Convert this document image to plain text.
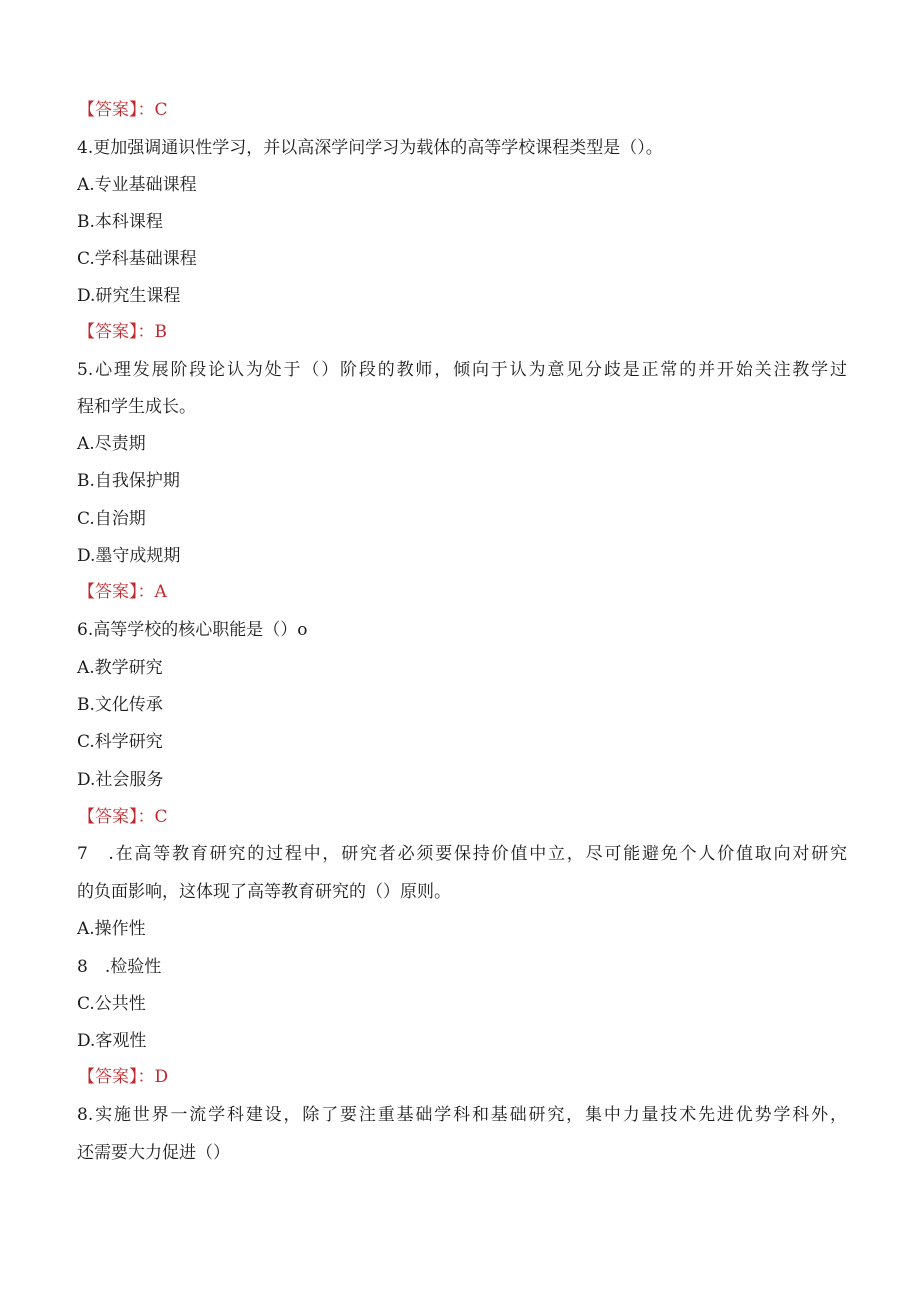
【答案】：C
4.更加强调通识性学习，并以高深学问学习为载体的高等学校课程类型是（）。
A.专业基础课程
B.本科课程
C.学科基础课程
D.研究生课程
【答案】：B
5.心理发展阶段论认为处于（）阶段的教师，倾向于认为意见分歧是正常的并开始关注教学过
程和学生成长。
A.尽责期
B.自我保护期
C.自治期
D.墨守成规期
【答案】：A
6.高等学校的核心职能是（）o
A.教学研究
B.文化传承
C.科学研究
D.社会服务
【答案】：C
7　.在高等教育研究的过程中，研究者必须要保持价值中立，尽可能避免个人价值取向对研究
的负面影响，这体现了高等教育研究的（）原则。
A.操作性
8　.检验性
C.公共性
D.客观性
【答案】：D
8.实施世界一流学科建设，除了要注重基础学科和基础研究，集中力量技术先进优势学科外，
还需要大力促进（）
